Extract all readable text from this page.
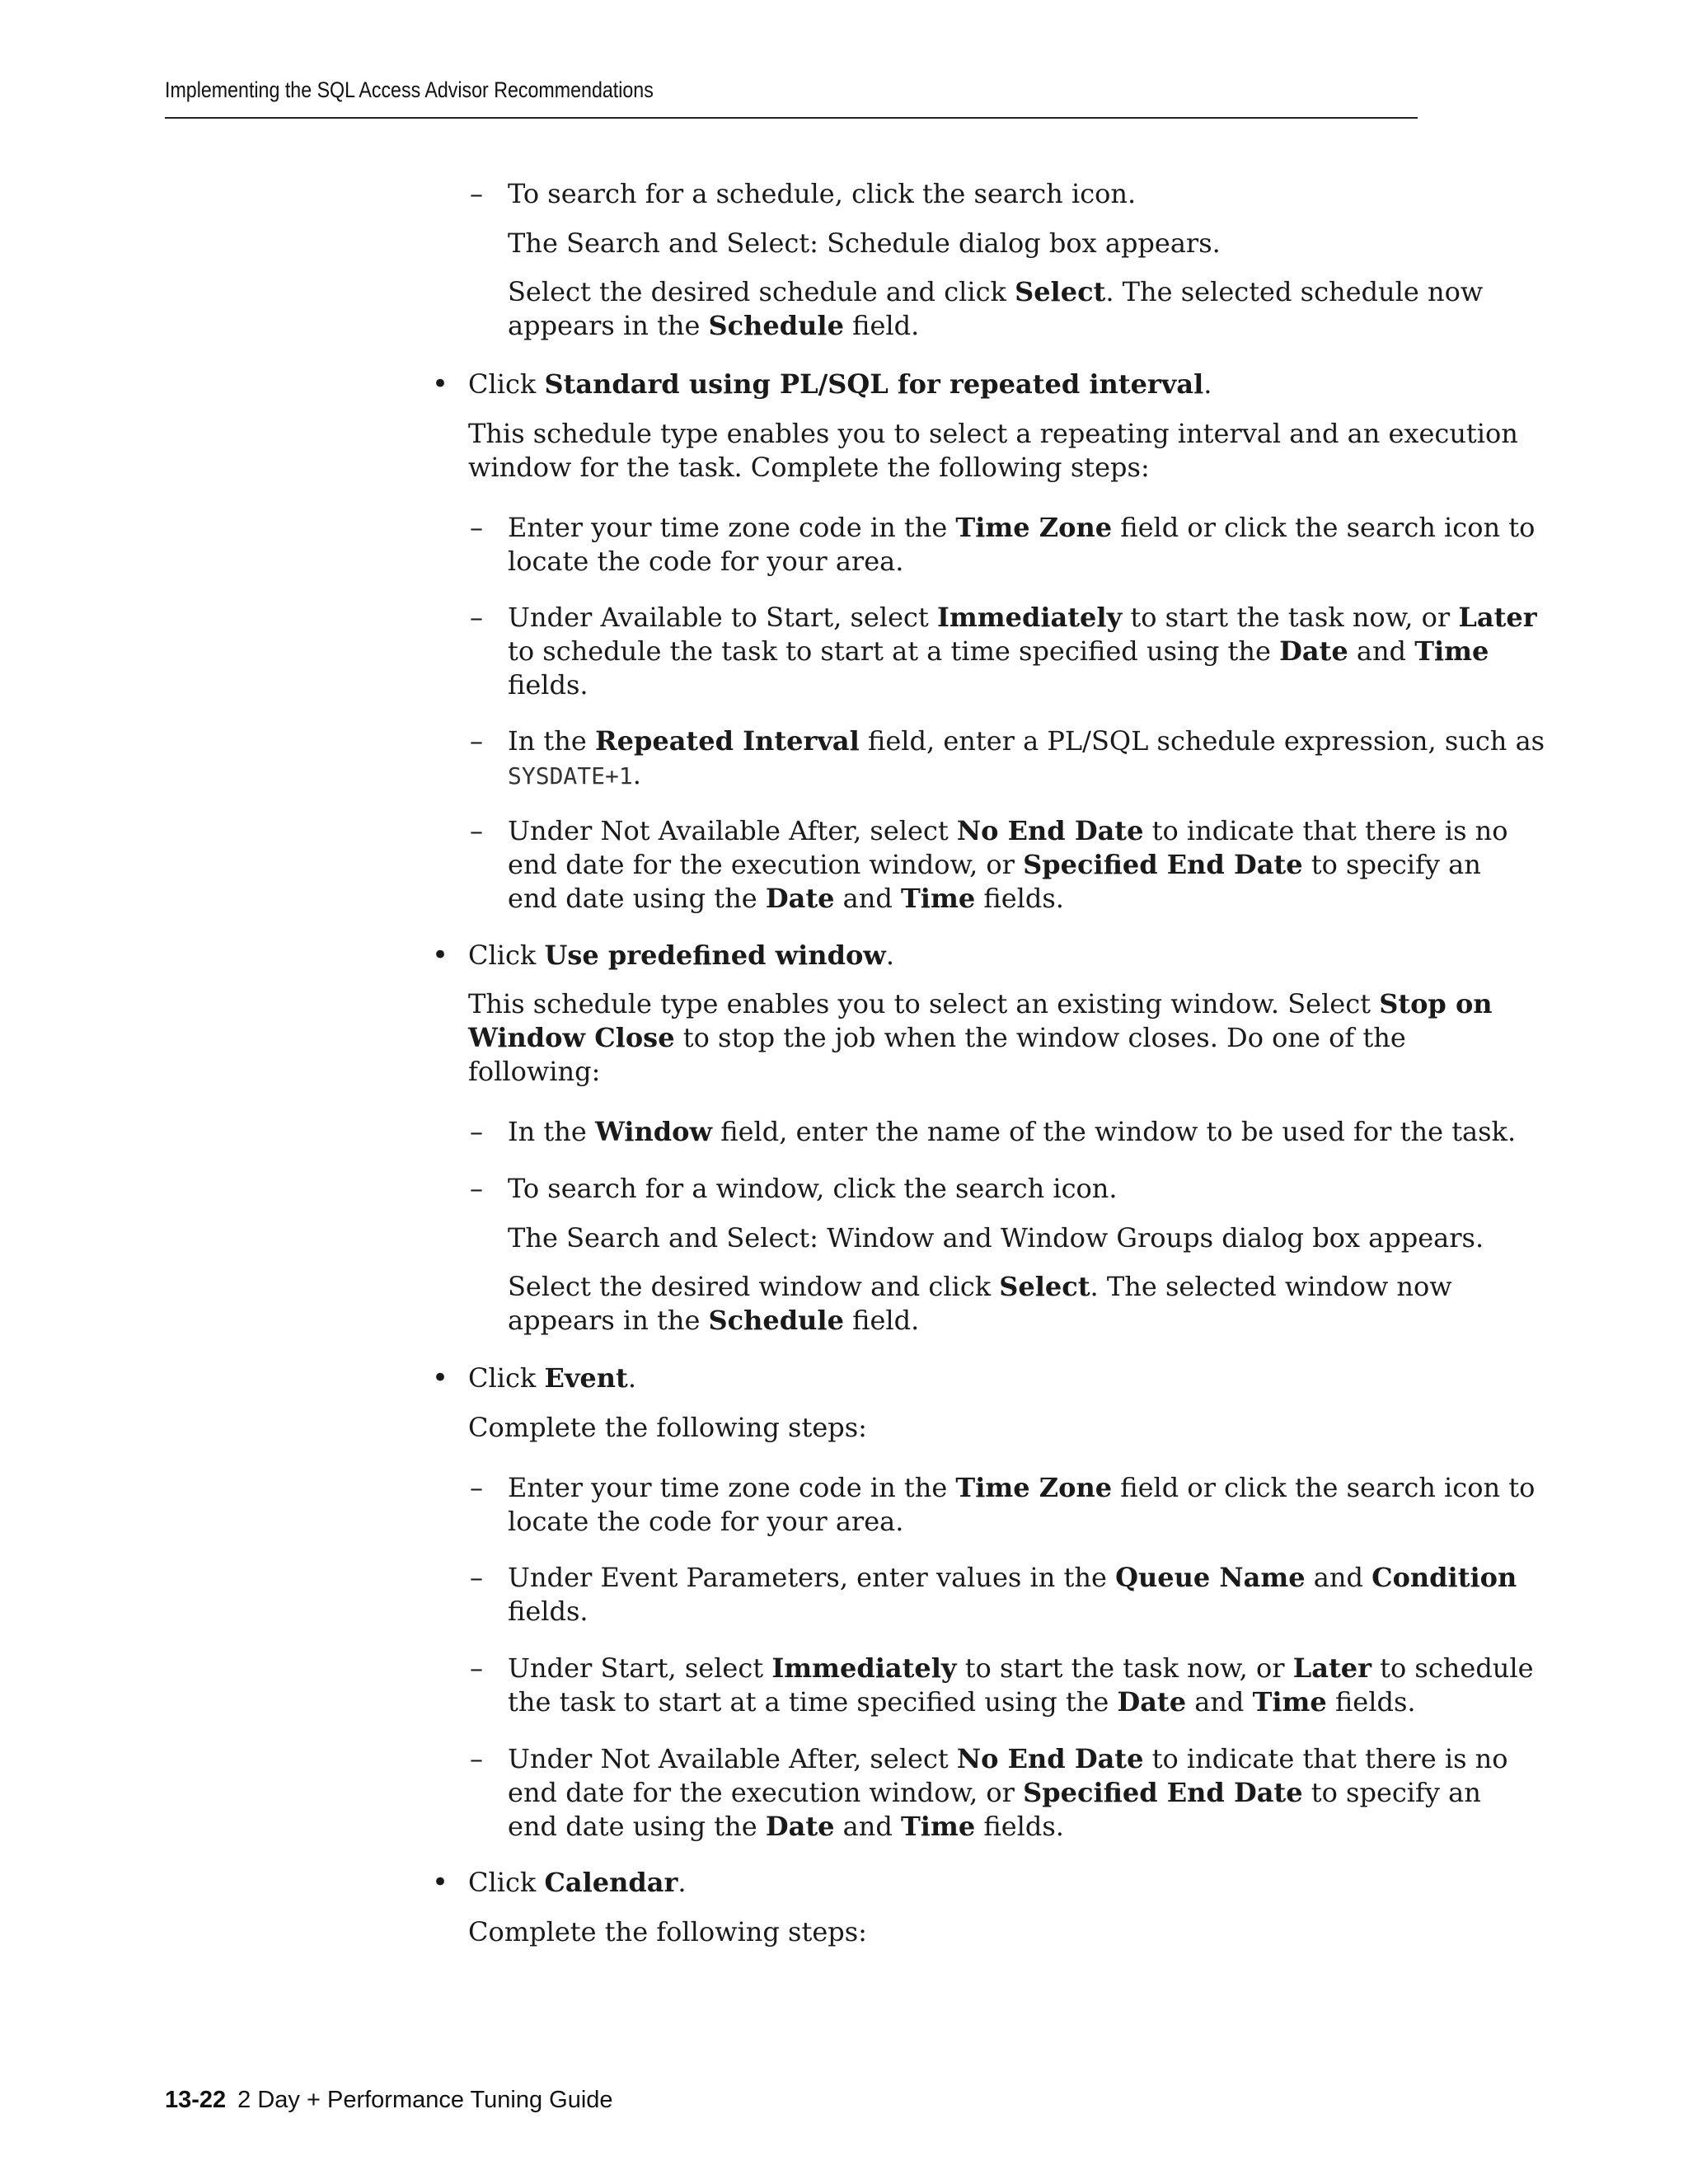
Implementing the SQL Access Advisor Recommendations
– To search for a schedule, click the search icon.

The Search and Select: Schedule dialog box appears.

Select the desired schedule and click Select. The selected schedule now
appears in the Schedule field.

• Click Standard using PL/SQL for repeated interval.

This schedule type enables you to select a repeating interval and an execution
window for the task. Complete the following steps:

– Enter your time zone code in the Time Zone field or click the search icon to
locate the code for your area.

– Under Available to Start, select Immediately to start the task now, or Later
to schedule the task to start at a time specified using the Date and Time
fields.

– In the Repeated Interval field, enter a PL/SQL schedule expression, such as
SYSDATE+1.

– Under Not Available After, select No End Date to indicate that there is no
end date for the execution window, or Specified End Date to specify an
end date using the Date and Time fields.

• Click Use predefined window.

This schedule type enables you to select an existing window. Select Stop on
Window Close to stop the job when the window closes. Do one of the
following:

– In the Window field, enter the name of the window to be used for the task.

– To search for a window, click the search icon.

The Search and Select: Window and Window Groups dialog box appears.

Select the desired window and click Select. The selected window now
appears in the Schedule field.

• Click Event.

Complete the following steps:

– Enter your time zone code in the Time Zone field or click the search icon to
locate the code for your area.

– Under Event Parameters, enter values in the Queue Name and Condition
fields.

– Under Start, select Immediately to start the task now, or Later to schedule
the task to start at a time specified using the Date and Time fields.

– Under Not Available After, select No End Date to indicate that there is no
end date for the execution window, or Specified End Date to specify an
end date using the Date and Time fields.

• Click Calendar.

Complete the following steps:

13-22 2 Day + Performance Tuning Guide
